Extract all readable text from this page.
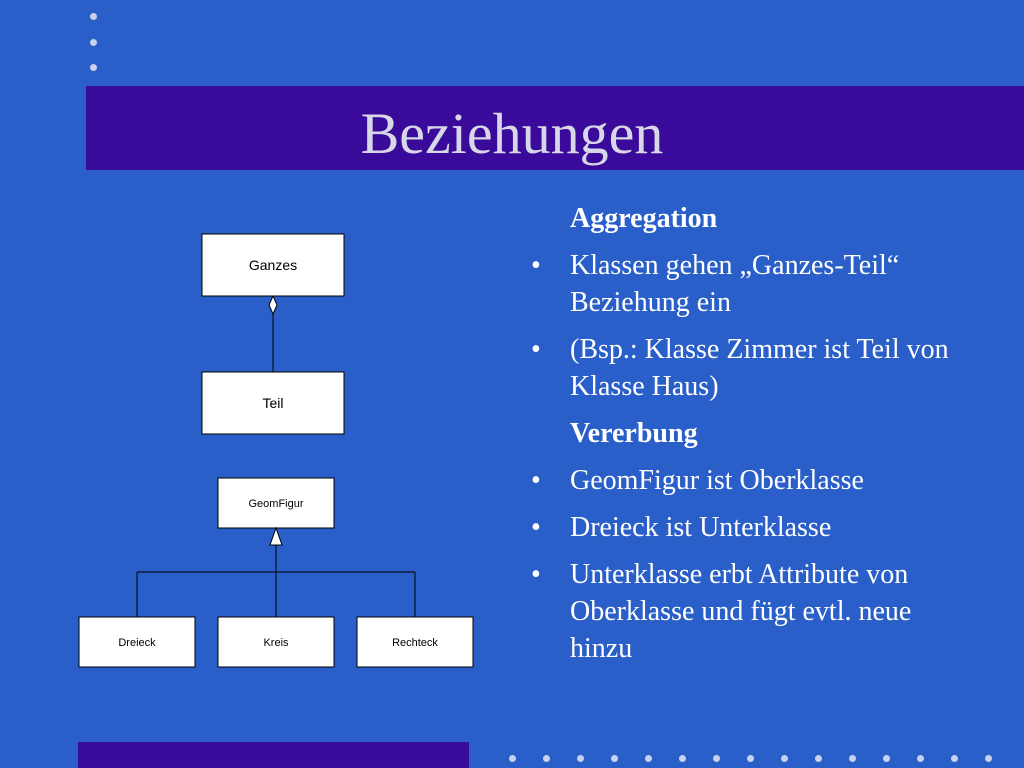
Beziehungen
Ganzes
Teil
GeomFigur
Dreieck	Kreis	Rechteck
Aggregation
•	Klassen gehen „Ganzes-Teil“ Beziehung ein
•	(Bsp.: Klasse Zimmer ist Teil von Klasse Haus)
Vererbung
•	GeomFigur ist Oberklasse
•	Dreieck ist Unterklasse
•	Unterklasse erbt Attribute von Oberklasse und fügt evtl. neue hinzu
